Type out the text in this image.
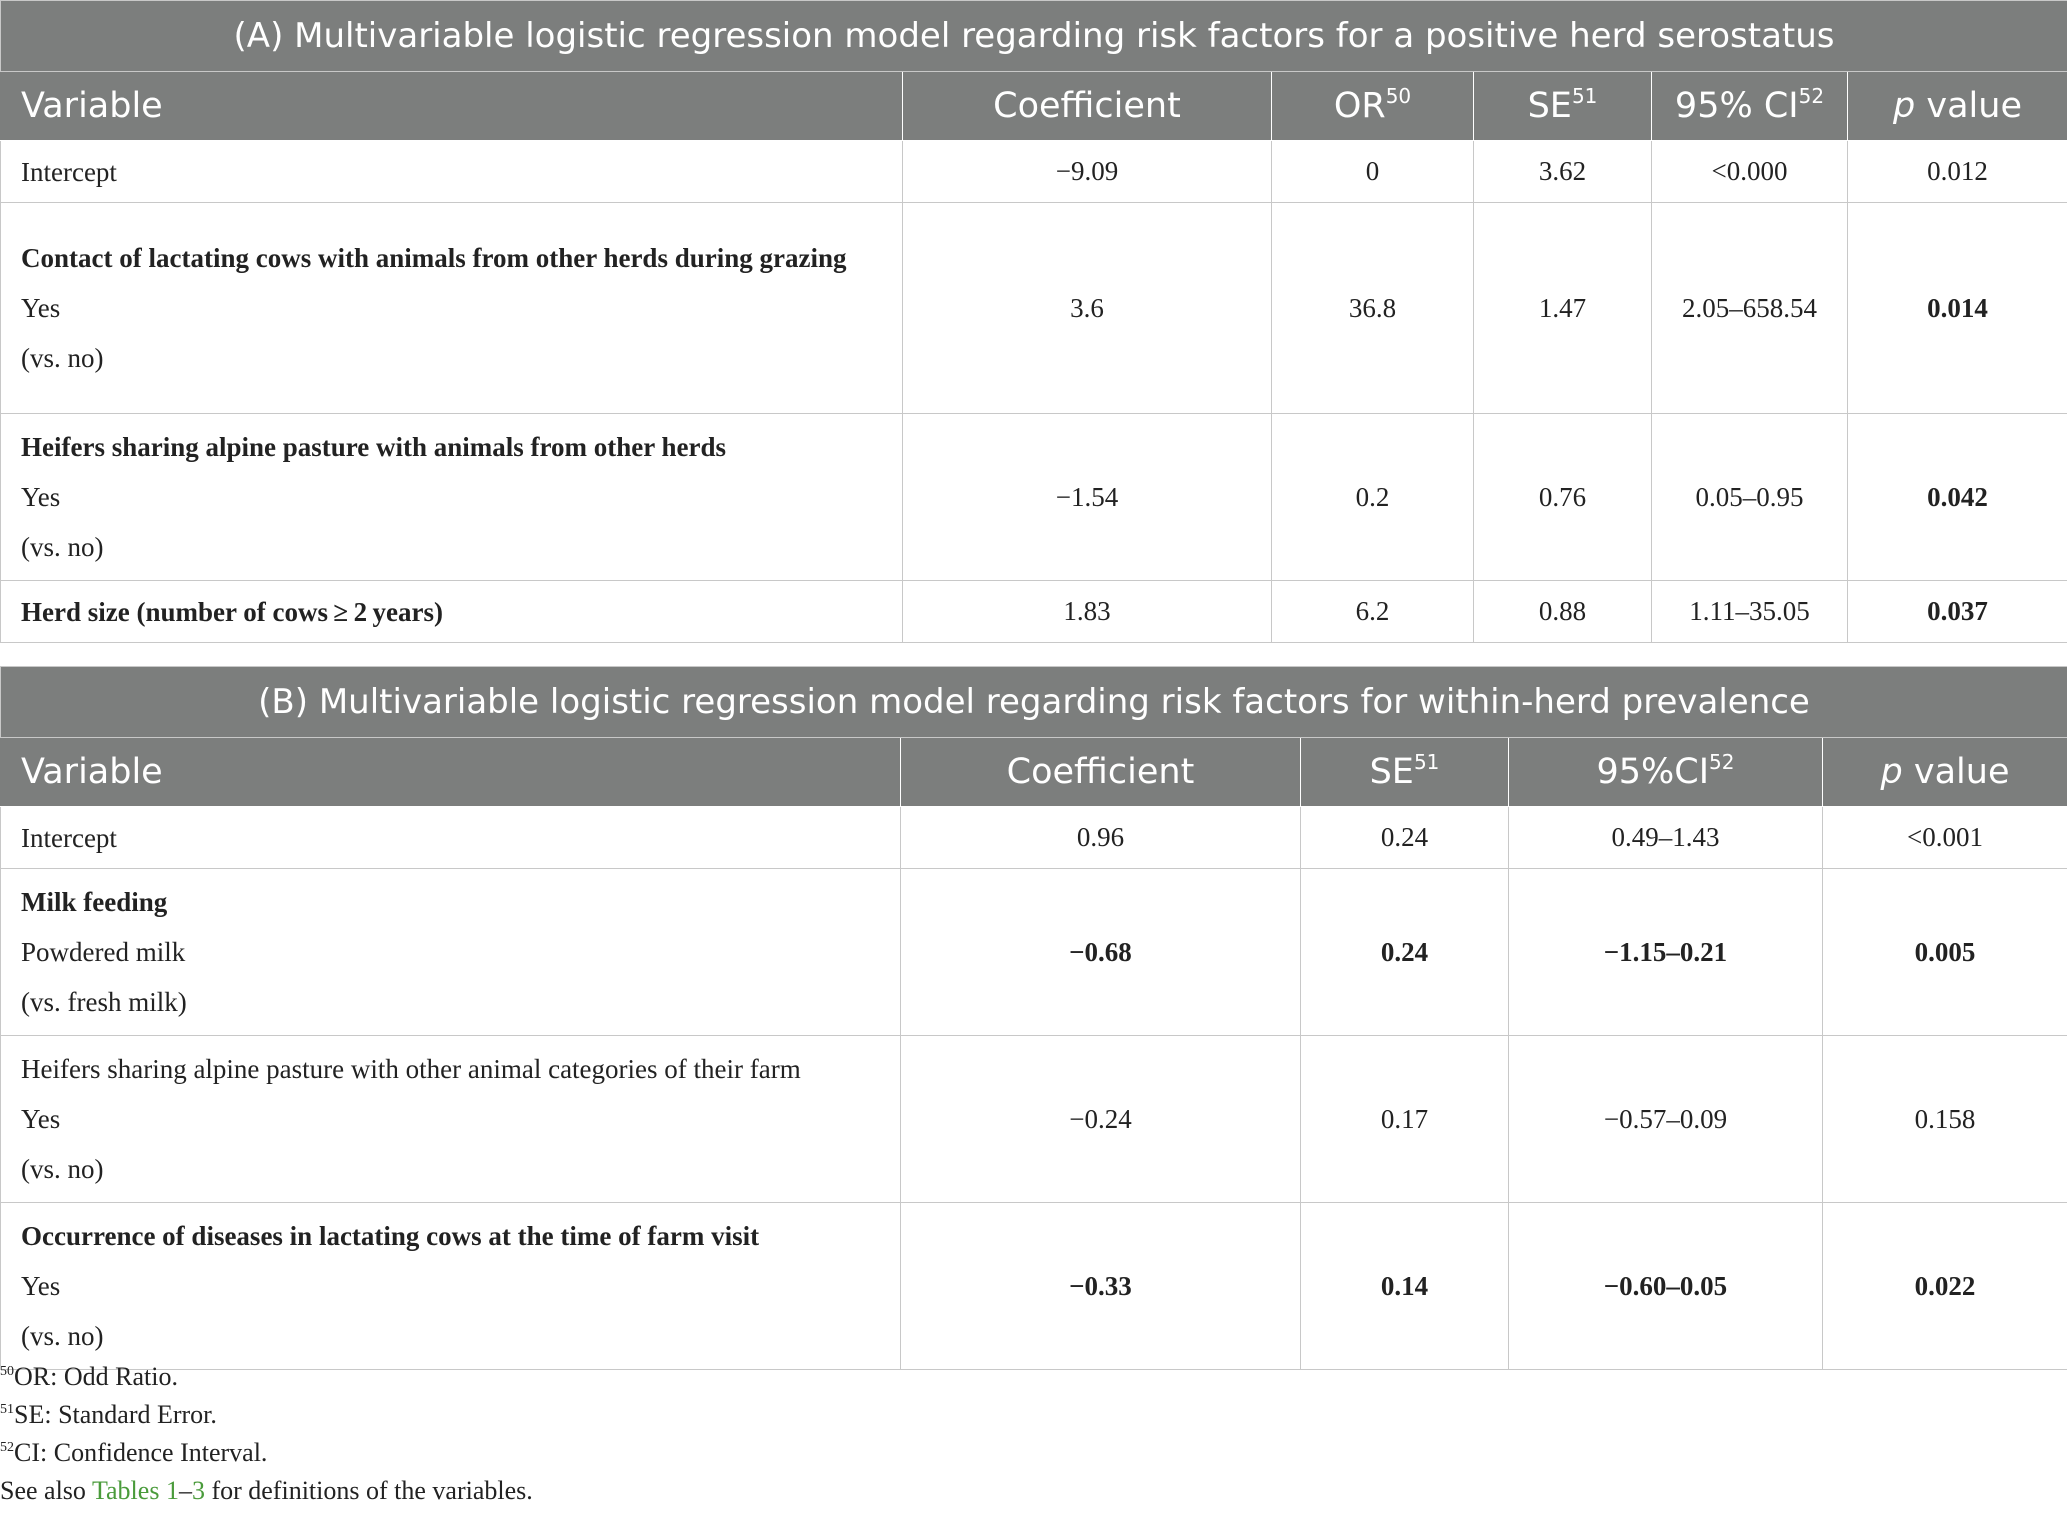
(A) Multivariable logistic regression model regarding risk factors for a positive herd serostatus					
Variable	Coefficient	OR$^{50}$	SE$^{51}$	95% CI$^{52}$	p value
Intercept	−9.09	0	3.62	<0.000	0.012

Contact of lactating cows with animals from other herds during grazing
Yes
(vs. no)	3.6	36.8	1.47	2.05–658.54	0.014

Heifers sharing alpine pasture with animals from other herds
Yes
(vs. no)	−1.54	0.2	0.76	0.05–0.95	0.042
Herd size (number of cows ≥ 2 years)	1.83	6.2	0.88	1.11–35.05	0.037
(B) Multivariable logistic regression model regarding risk factors for within-herd prevalence				
Variable	Coefficient	SE$^{51}$	95%CI$^{52}$	p value
Intercept	0.96	0.24	0.49–1.43	<0.001

Milk feeding
Powdered milk
(vs. fresh milk)	−0.68	0.24	−1.15–0.21	0.005

Heifers sharing alpine pasture with other animal categories of their farm
Yes
(vs. no)	−0.24	0.17	−0.57–0.09	0.158

Occurrence of diseases in lactating cows at the time of farm visit
Yes
(vs. no)	−0.33	0.14	−0.60–0.05	0.022
$^{50}$OR: Odd Ratio.
$^{51}$SE: Standard Error.
$^{52}$CI: Confidence Interval.
See also Tables 1–3 for definitions of the variables.
